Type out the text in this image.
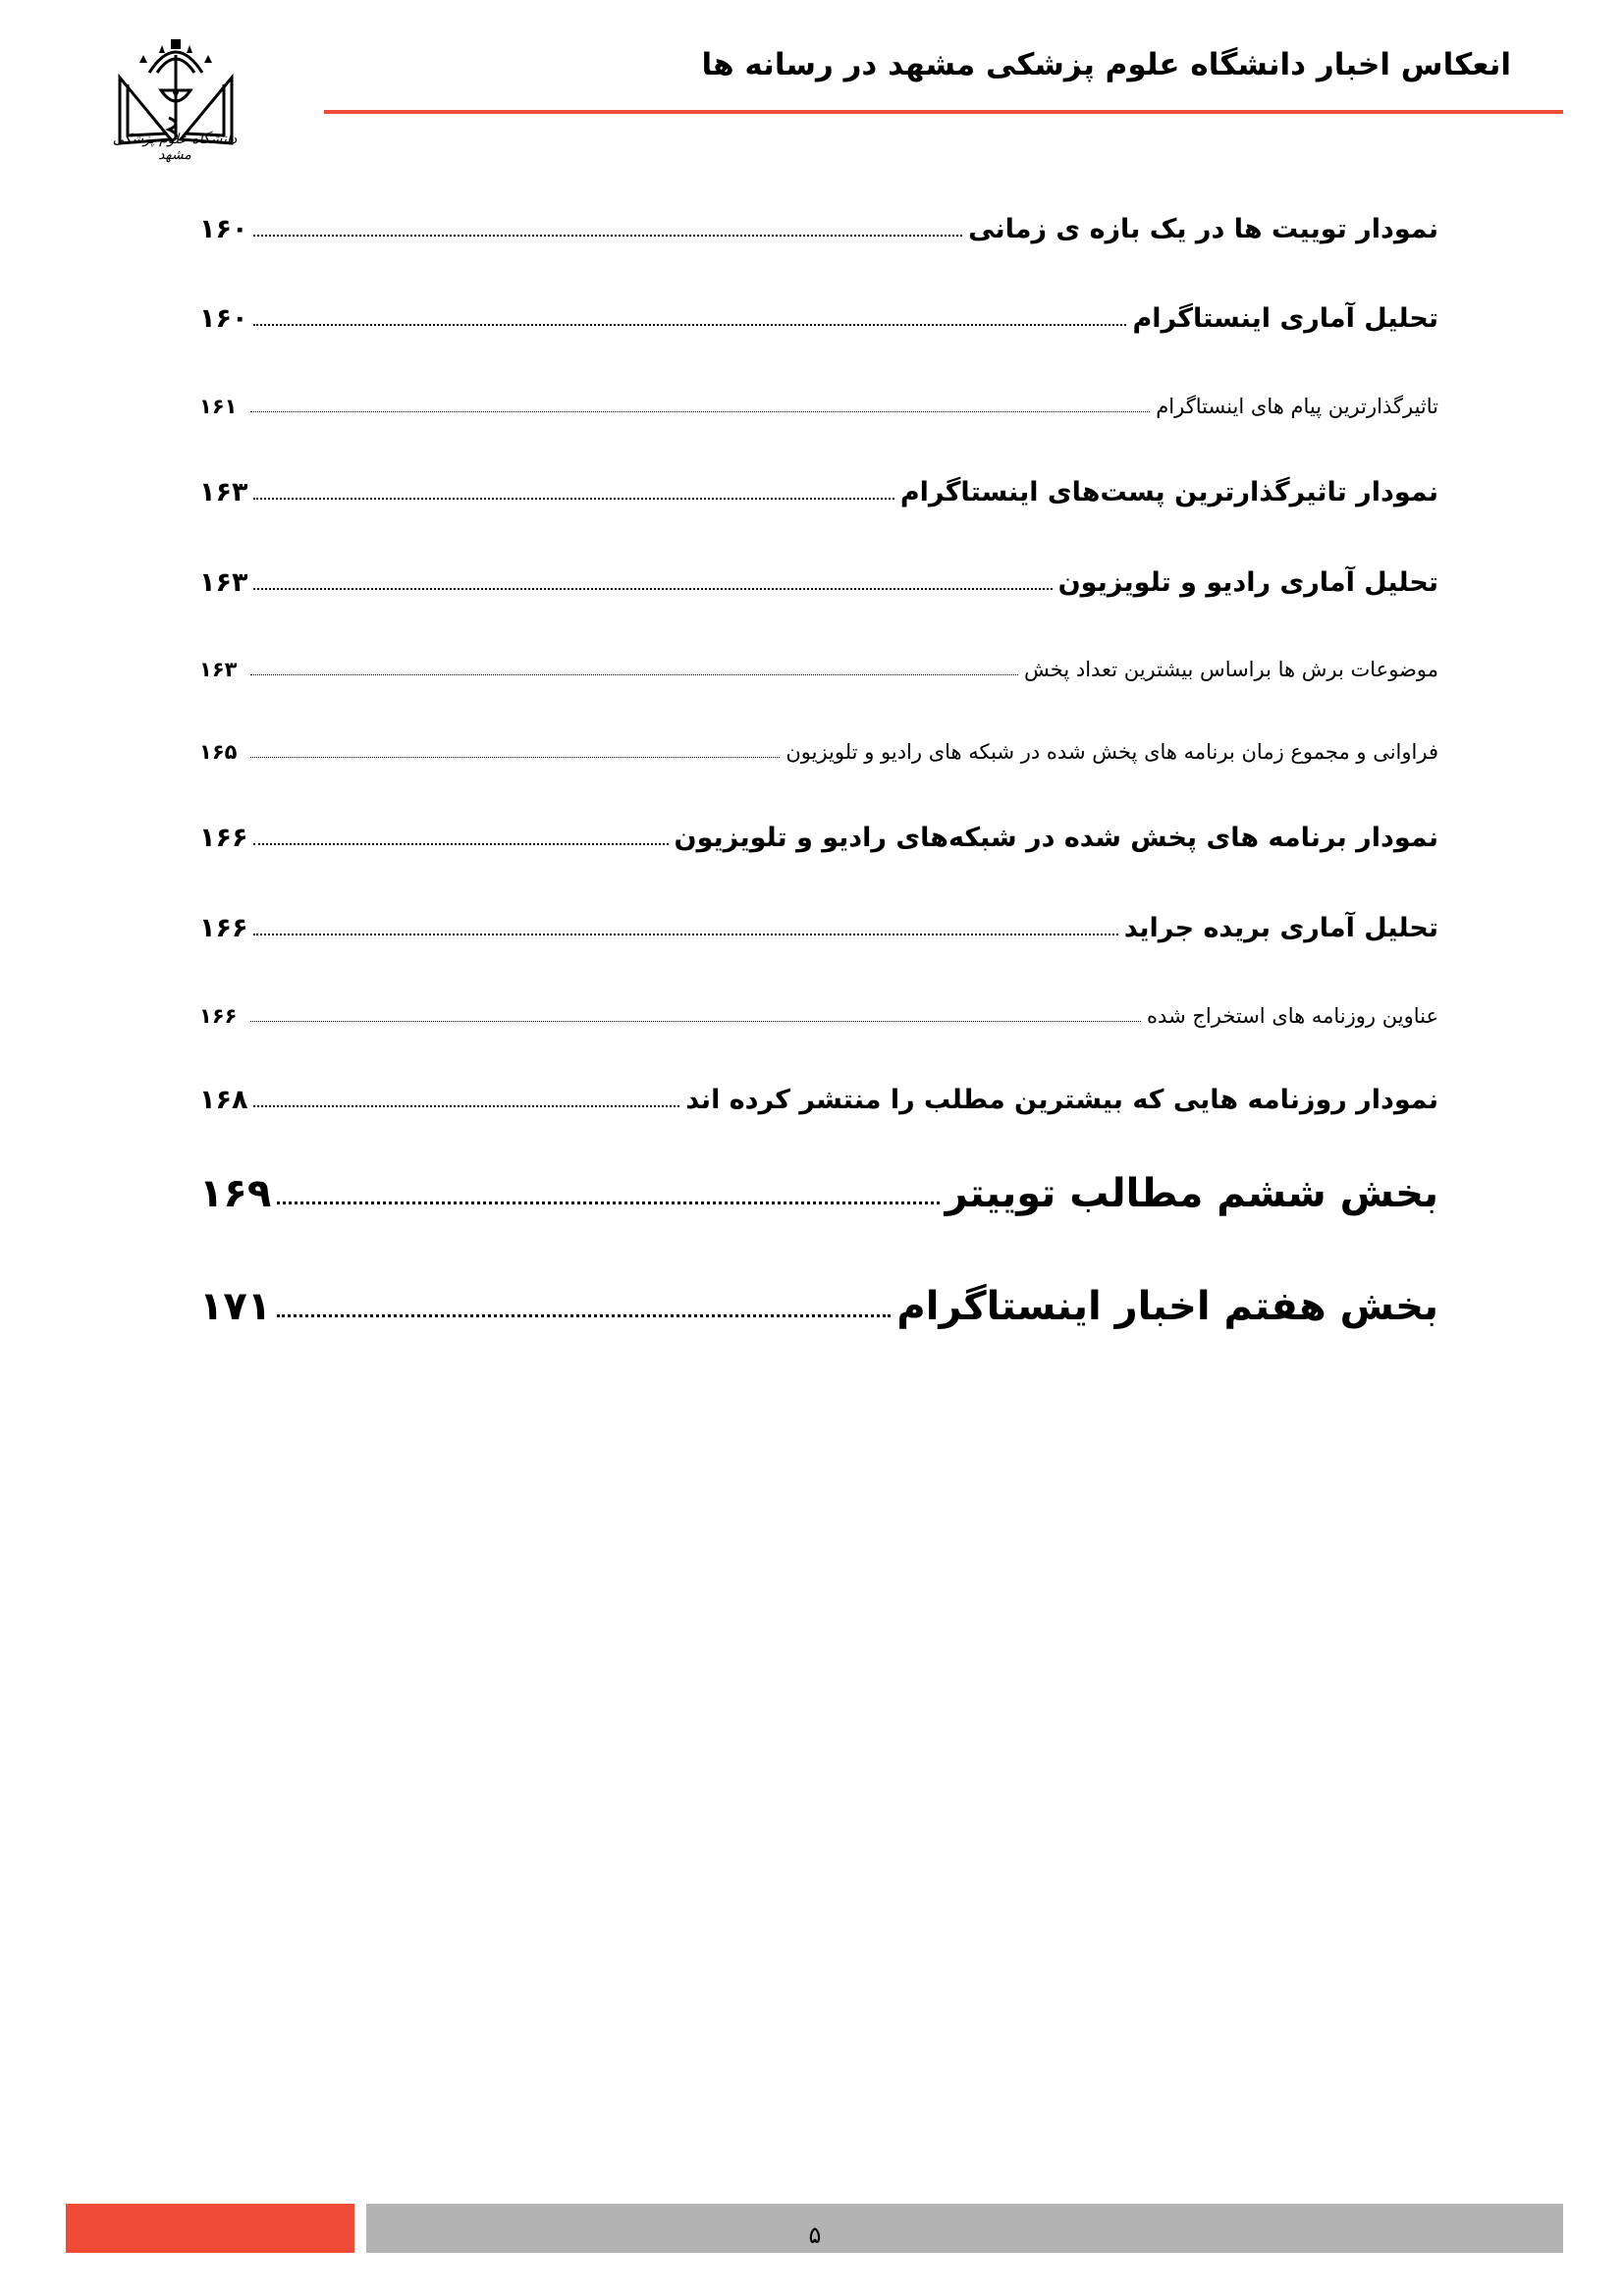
انعکاس اخبار دانشگاه علوم پزشکی مشهد در رسانه ها
دانشگاه علوم پزشکی مشهد
نمودار توییت ها در یک بازه ی زمانی
۱۶۰
تحلیل آماری اینستاگرام
۱۶۰
تاثیرگذارترین پیام های اینستاگرام
۱۶۱
نمودار تاثیرگذارترین پست‌های اینستاگرام
۱۶۳
تحلیل آماری رادیو و تلویزیون
۱۶۳
موضوعات برش ها براساس بیشترین تعداد پخش
۱۶۳
فراوانی و مجموع زمان برنامه های پخش شده در شبکه های رادیو و تلویزیون
۱۶۵
نمودار برنامه های پخش شده در شبکه‌های رادیو و تلویزیون
۱۶۶
تحلیل آماری بریده جراید
۱۶۶
عناوین روزنامه های استخراج شده
۱۶۶
نمودار روزنامه هایی که بیشترین مطلب را منتشر کرده اند
۱۶۸
بخش ششم مطالب توییتر
۱۶۹
بخش هفتم اخبار اینستاگرام
۱۷۱
۵
